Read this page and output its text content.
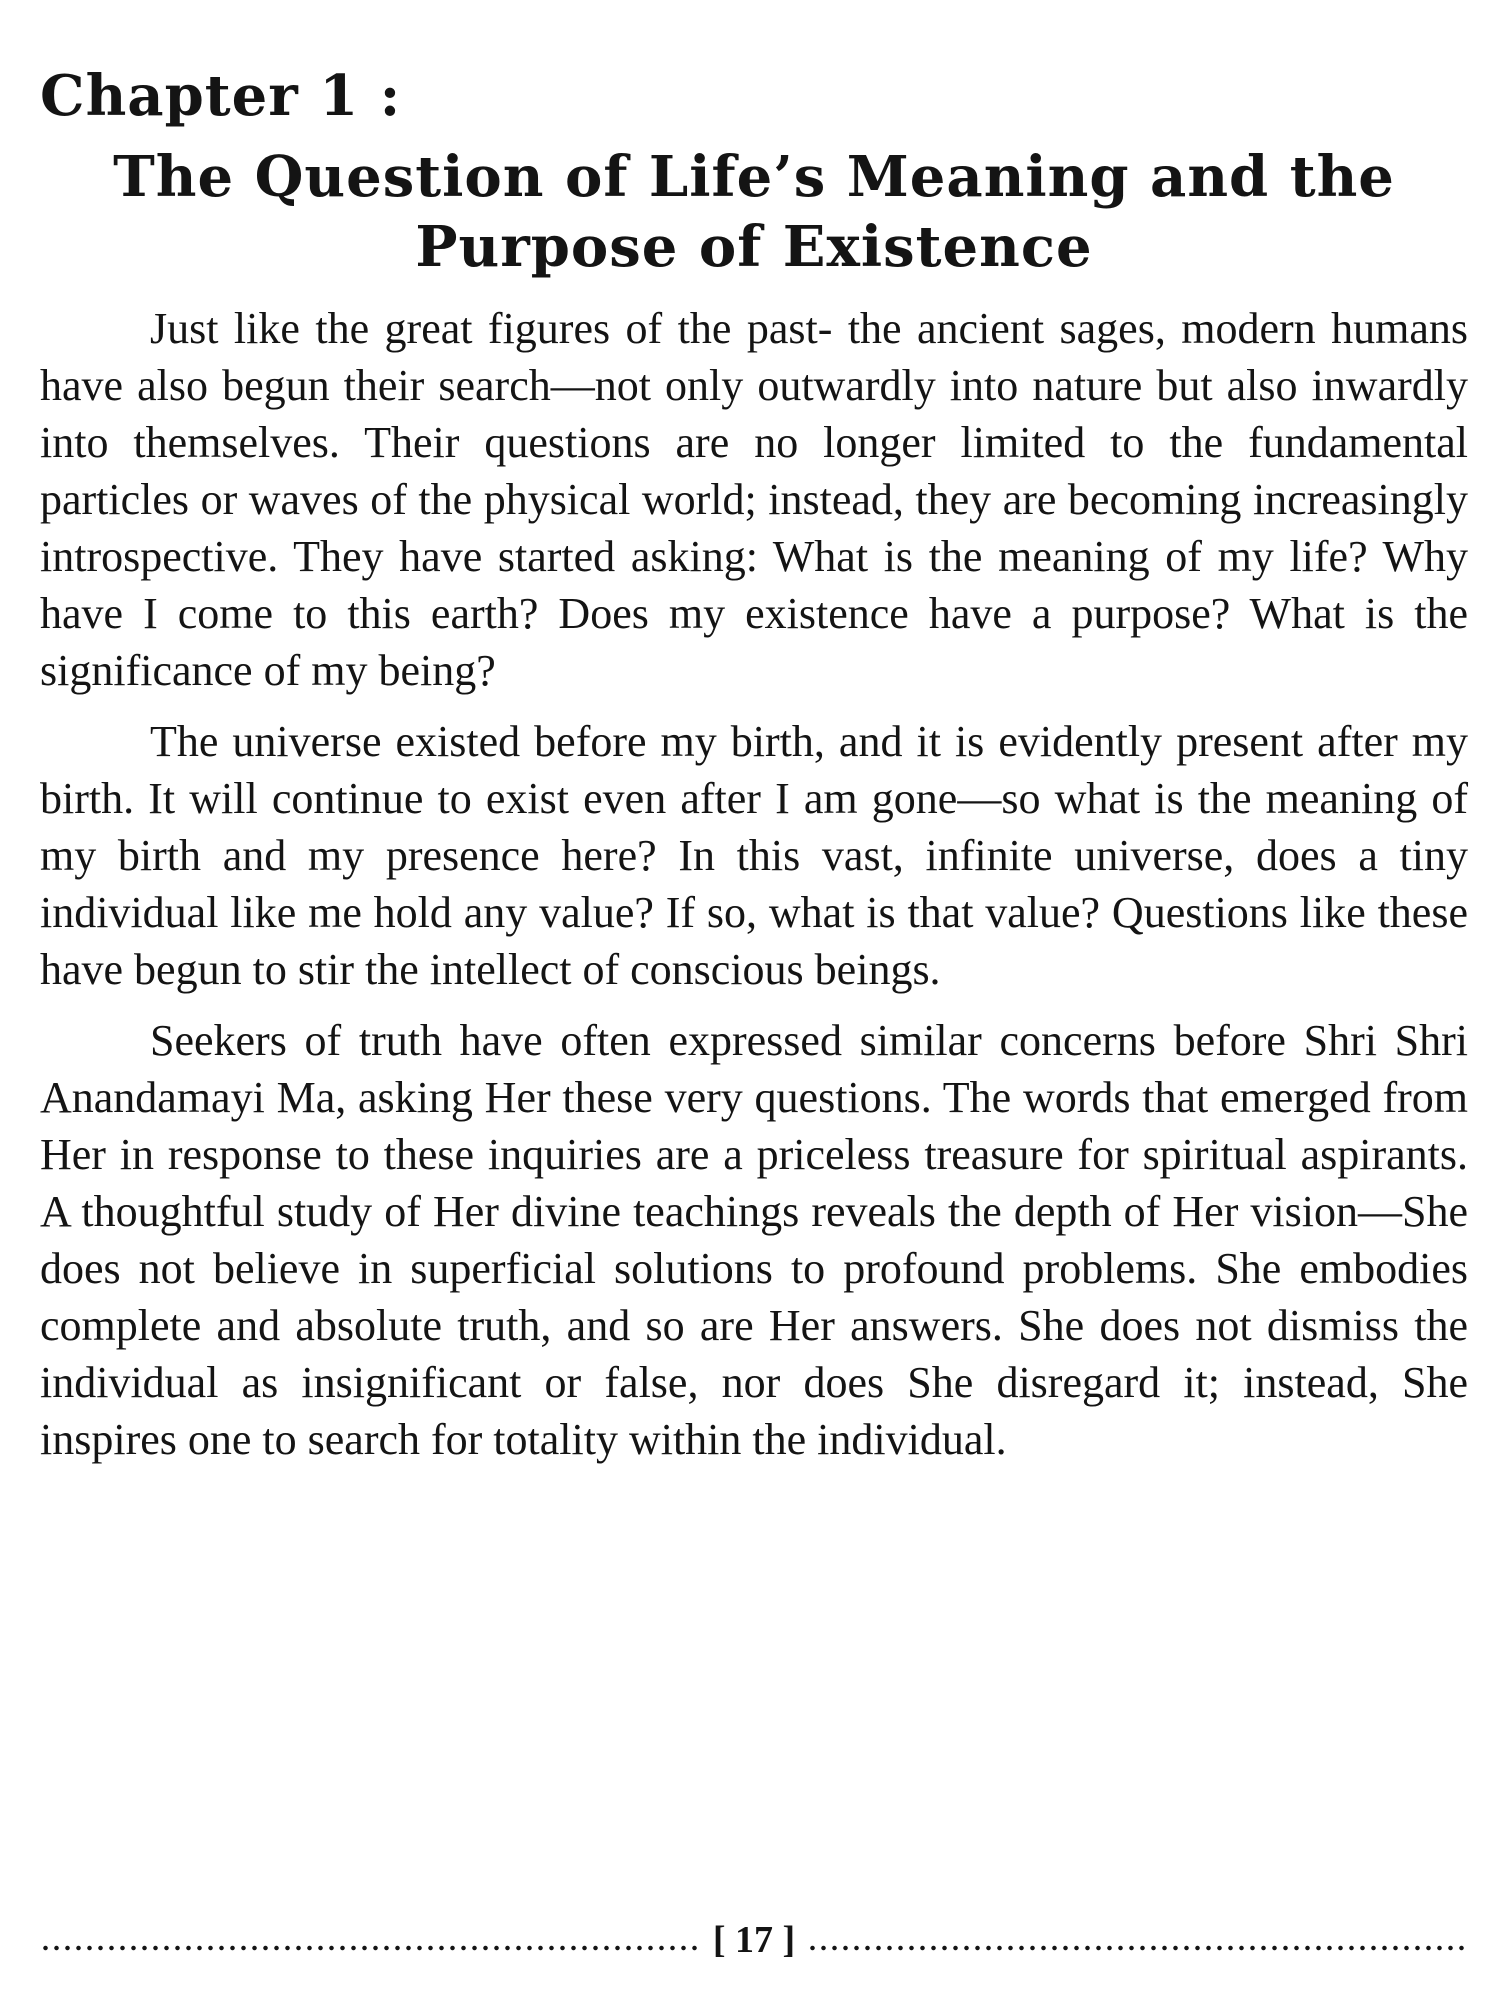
Chapter 1 :
The Question of Life’s Meaning and the
Purpose of Existence

Just like the great figures of the past- the ancient sages, modern humans have also begun their search—not only outwardly into nature but also inwardly into themselves. Their questions are no longer limited to the fundamental particles or waves of the physical world; instead, they are becoming increasingly introspective. They have started asking: What is the meaning of my life? Why have I come to this earth? Does my existence have a purpose? What is the significance of my being?

The universe existed before my birth, and it is evidently present after my birth. It will continue to exist even after I am gone—so what is the meaning of my birth and my presence here? In this vast, infinite universe, does a tiny individual like me hold any value? If so, what is that value? Questions like these have begun to stir the intellect of conscious beings.

Seekers of truth have often expressed similar concerns before Shri Shri Anandamayi Ma, asking Her these very questions. The words that emerged from Her in response to these inquiries are a priceless treasure for spiritual aspirants. A thoughtful study of Her divine teachings reveals the depth of Her vision—She does not believe in superficial solutions to profound problems. She embodies complete and absolute truth, and so are Her answers. She does not dismiss the individual as insignificant or false, nor does She disregard it; instead, She inspires one to search for totality within the individual.

[ 17 ]
